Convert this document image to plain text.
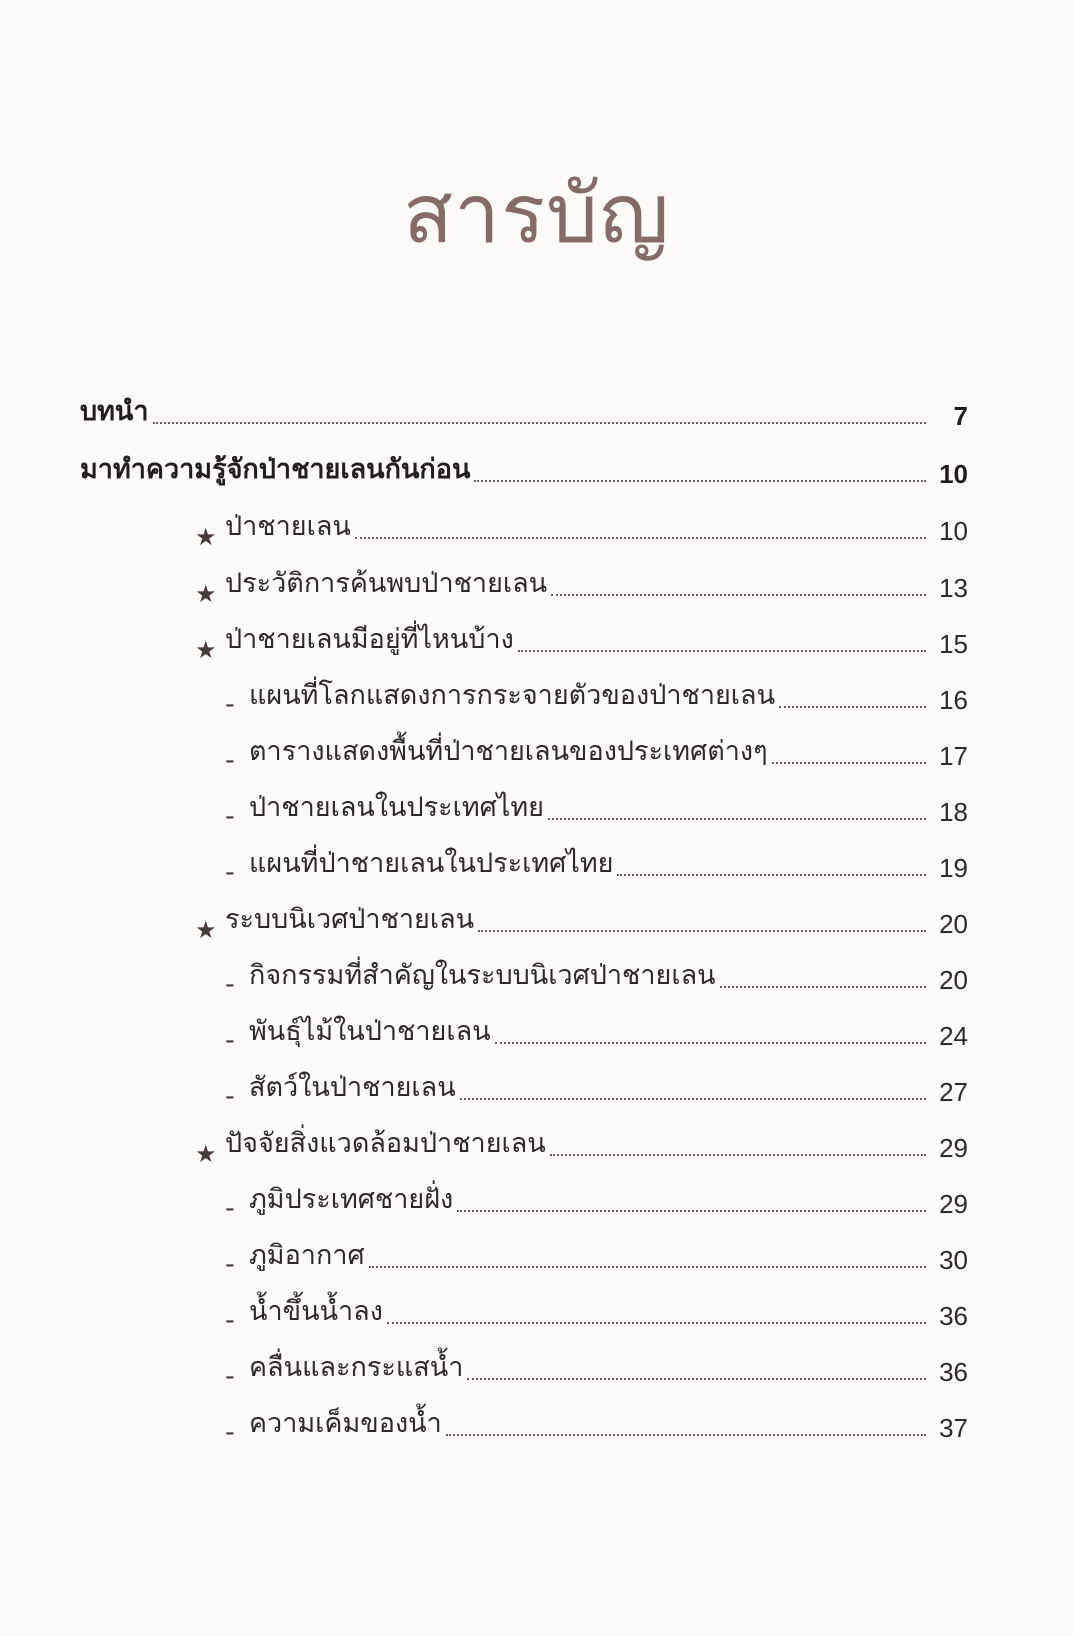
สารบัญ
บทนำ	7
มาทำความรู้จักป่าชายเลนกันก่อน	10
★ ป่าชายเลน	10
★ ประวัติการค้นพบป่าชายเลน	13
★ ป่าชายเลนมีอยู่ที่ไหนบ้าง	15
- แผนที่โลกแสดงการกระจายตัวของป่าชายเลน	16
- ตารางแสดงพื้นที่ป่าชายเลนของประเทศต่างๆ	17
- ป่าชายเลนในประเทศไทย	18
- แผนที่ป่าชายเลนในประเทศไทย	19
★ ระบบนิเวศป่าชายเลน	20
- กิจกรรมที่สำคัญในระบบนิเวศป่าชายเลน	20
- พันธุ์ไม้ในป่าชายเลน	24
- สัตว์ในป่าชายเลน	27
★ ปัจจัยสิ่งแวดล้อมป่าชายเลน	29
- ภูมิประเทศชายฝั่ง	29
- ภูมิอากาศ	30
- น้ำขึ้นน้ำลง	36
- คลื่นและกระแสน้ำ	36
- ความเค็มของน้ำ	37
